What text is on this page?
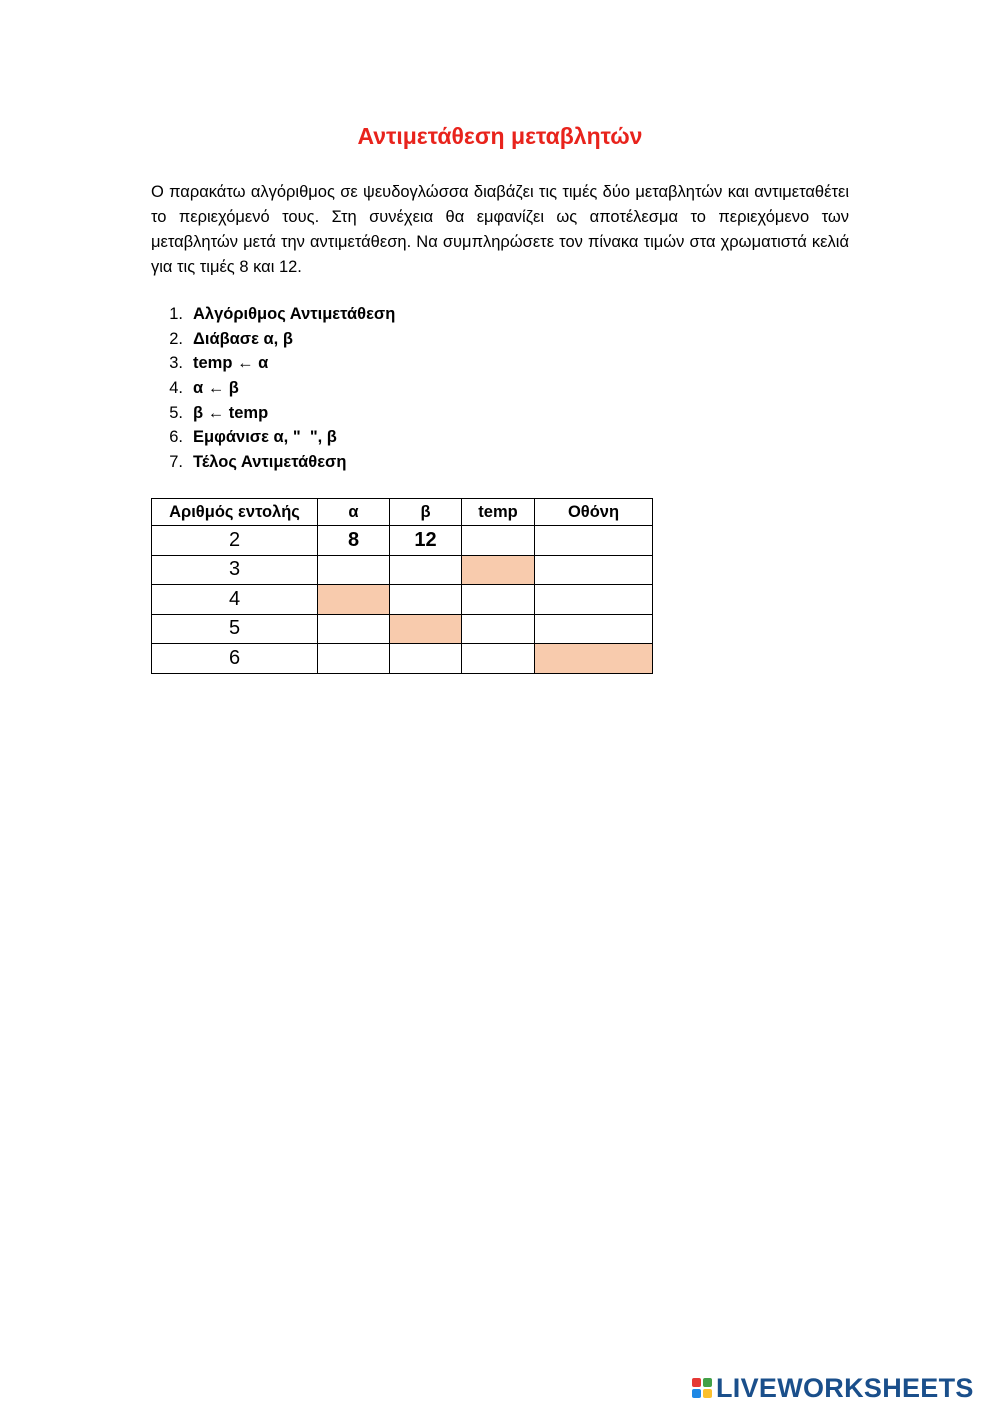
Αντιμετάθεση μεταβλητών

Ο παρακάτω αλγόριθμος σε ψευδογλώσσα διαβάζει τις τιμές δύο μεταβλητών και αντιμεταθέτει το περιεχόμενό τους. Στη συνέχεια θα εμφανίζει ως αποτέλεσμα το περιεχόμενο των μεταβλητών μετά την αντιμετάθεση. Να συμπληρώσετε τον πίνακα τιμών στα χρωματιστά κελιά για τις τιμές 8 και 12.

1. Αλγόριθμος Αντιμετάθεση
2. Διάβασε α, β
3. temp ← α
4. α ← β
5. β ← temp
6. Εμφάνισε α, "  ", β
7. Τέλος Αντιμετάθεση
Αριθμός εντολής	α	β	temp	Οθόνη
2	8	12		
3				
4				
5				
6				
LIVEWORKSHEETS
